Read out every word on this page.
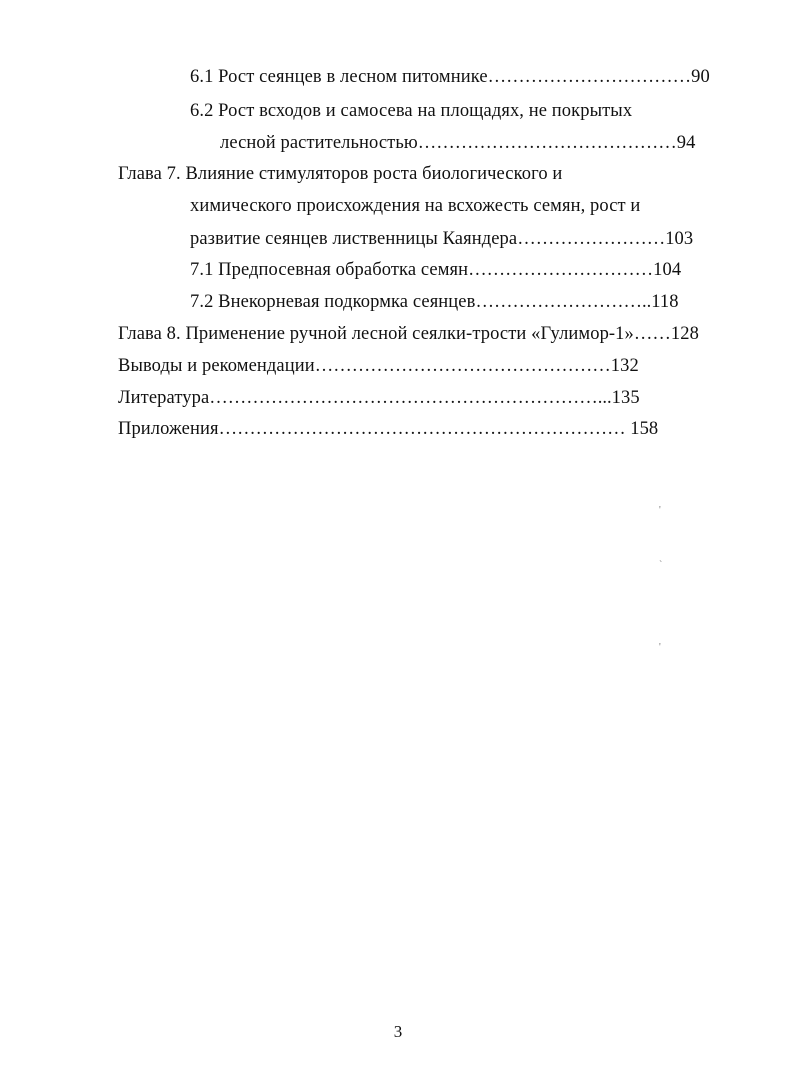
6.1 Рост сеянцев в лесном питомнике……………………………90
6.2 Рост всходов и самосева на площадях, не покрытых
лесной растительностью……………………………………94
Глава 7. Влияние стимуляторов роста биологического и
химического происхождения на всхожесть семян, рост и
развитие сеянцев лиственницы Каяндера……………………103
7.1 Предпосевная обработка семян…………………………104
7.2 Внекорневая подкормка сеянцев………………………..118
Глава 8. Применение ручной лесной сеялки-трости «Гулимор-1»……128
Выводы и рекомендации…………………………………………132
Литература………………………………………………………...135
Приложения………………………………………………………… 158
'
`
'
3
